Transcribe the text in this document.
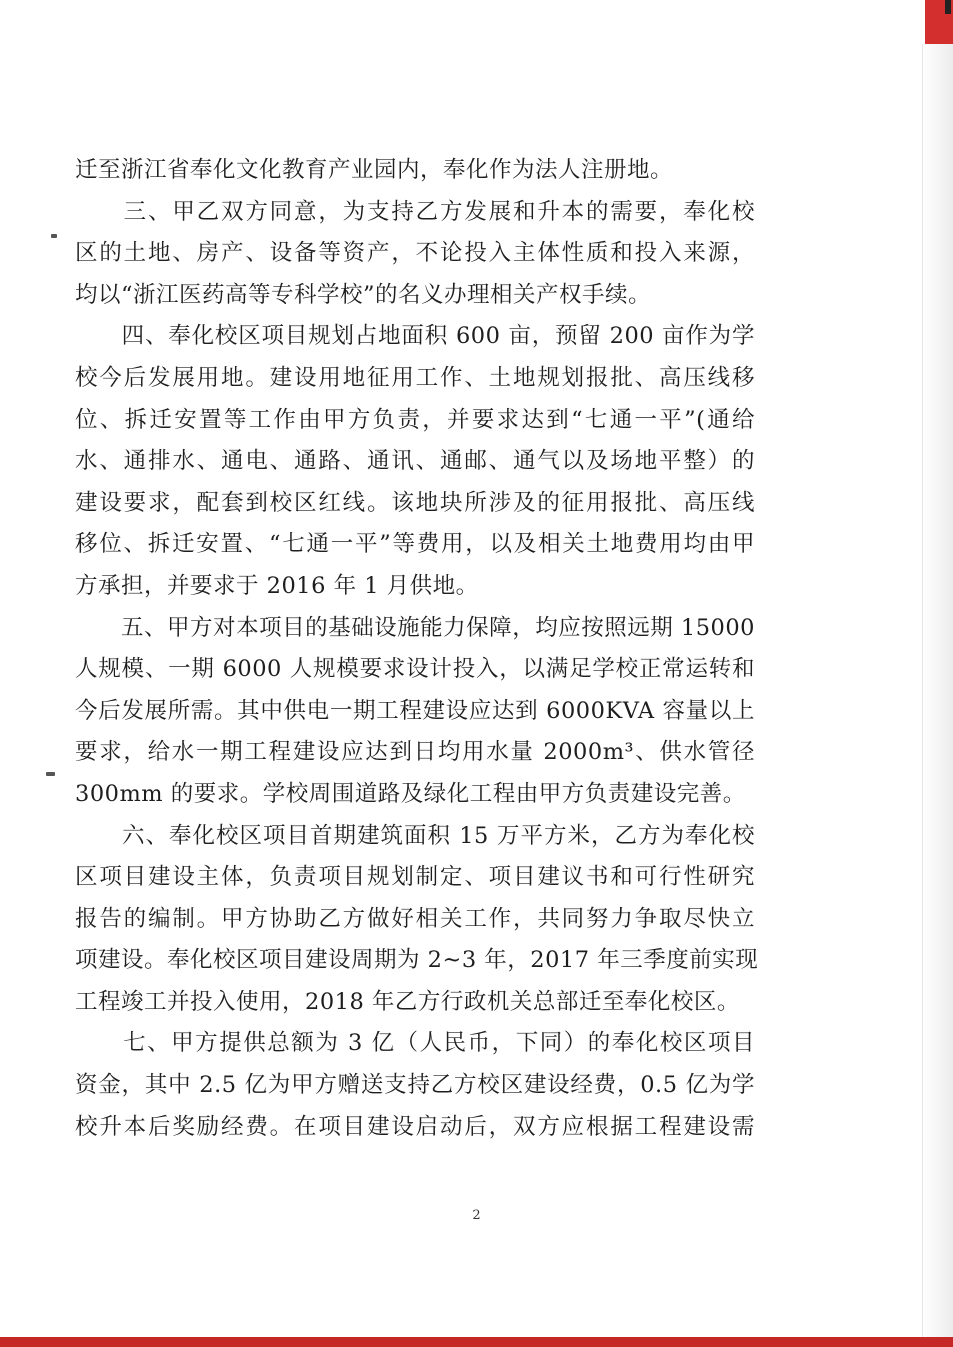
迁至浙江省奉化文化教育产业园内，奉化作为法人注册地。
　　三、甲乙双方同意，为支持乙方发展和升本的需要，奉化校
区的土地、房产、设备等资产，不论投入主体性质和投入来源，
均以“浙江医药高等专科学校”的名义办理相关产权手续。
　　四、奉化校区项目规划占地面积 600 亩，预留 200 亩作为学
校今后发展用地。建设用地征用工作、土地规划报批、高压线移
位、拆迁安置等工作由甲方负责，并要求达到“七通一平”(通给
水、通排水、通电、通路、通讯、通邮、通气以及场地平整）的
建设要求，配套到校区红线。该地块所涉及的征用报批、高压线
移位、拆迁安置、“七通一平”等费用，以及相关土地费用均由甲
方承担，并要求于 2016 年 1 月供地。
　　五、甲方对本项目的基础设施能力保障，均应按照远期 15000
人规模、一期 6000 人规模要求设计投入，以满足学校正常运转和
今后发展所需。其中供电一期工程建设应达到 6000KVA 容量以上
要求，给水一期工程建设应达到日均用水量 2000m³、供水管径
300mm 的要求。学校周围道路及绿化工程由甲方负责建设完善。
　　六、奉化校区项目首期建筑面积 15 万平方米，乙方为奉化校
区项目建设主体，负责项目规划制定、项目建议书和可行性研究
报告的编制。甲方协助乙方做好相关工作，共同努力争取尽快立
项建设。奉化校区项目建设周期为 2~3 年，2017 年三季度前实现
工程竣工并投入使用，2018 年乙方行政机关总部迁至奉化校区。
　　七、甲方提供总额为 3 亿（人民币，下同）的奉化校区项目
资金，其中 2.5 亿为甲方赠送支持乙方校区建设经费，0.5 亿为学
校升本后奖励经费。在项目建设启动后，双方应根据工程建设需
2
